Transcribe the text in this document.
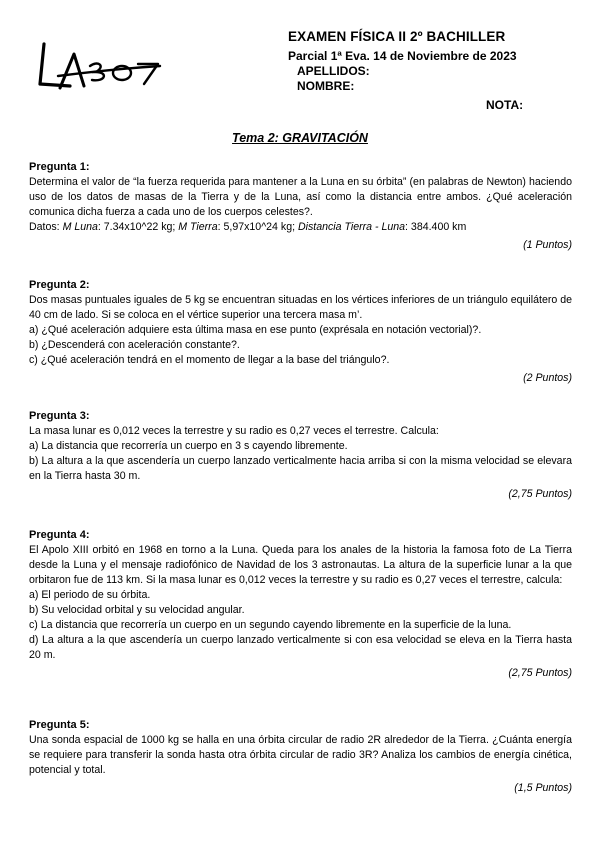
EXAMEN FÍSICA II 2º BACHILLER
Parcial 1ª Eva. 14 de Noviembre de 2023
APELLIDOS:
NOMBRE:
NOTA:
Tema 2: GRAVITACIÓN
Pregunta 1:

Determina el valor de “la fuerza requerida para mantener a la Luna en su órbita” (en palabras de Newton) haciendo uso de los datos de masas de la Tierra y de la Luna, así como la distancia entre ambos. ¿Qué aceleración comunica dicha fuerza a cada uno de los cuerpos celestes?.

Datos: M Luna: 7.34x10^22 kg; M Tierra: 5,97x10^24 kg; Distancia Tierra - Luna: 384.400 km
(1 Puntos)
Pregunta 2:

Dos masas puntuales iguales de 5 kg se encuentran situadas en los vértices inferiores de un triángulo equilátero de 40 cm de lado. Si se coloca en el vértice superior una tercera masa m’.

a) ¿Qué aceleración adquiere esta última masa en ese punto (exprésala en notación vectorial)?.

b) ¿Descenderá con aceleración constante?.

c) ¿Qué aceleración tendrá en el momento de llegar a la base del triángulo?.

(2 Puntos)
Pregunta 3:

La masa lunar es 0,012 veces la terrestre y su radio es 0,27 veces el terrestre. Calcula:

a) La distancia que recorrería un cuerpo en 3 s cayendo libremente.

b) La altura a la que ascendería un cuerpo lanzado verticalmente hacia arriba si con la misma velocidad se elevara en la Tierra hasta 30 m.

(2,75 Puntos)
Pregunta 4:

El Apolo XIII orbitó en 1968 en torno a la Luna. Queda para los anales de la historia la famosa foto de La Tierra desde la Luna y el mensaje radiofónico de Navidad de los 3 astronautas. La altura de la superficie lunar a la que orbitaron fue de 113 km. Si la masa lunar es 0,012 veces la terrestre y su radio es 0,27 veces el terrestre, calcula:

a) El periodo de su órbita.

b) Su velocidad orbital y su velocidad angular.

c) La distancia que recorrería un cuerpo en un segundo cayendo libremente en la superficie de la luna.

d) La altura a la que ascendería un cuerpo lanzado verticalmente si con esa velocidad se eleva en la Tierra hasta 20 m.

(2,75 Puntos)
Pregunta 5:

Una sonda espacial de 1000 kg se halla en una órbita circular de radio 2R alrededor de la Tierra. ¿Cuánta energía se requiere para transferir la sonda hasta otra órbita circular de radio 3R? Analiza los cambios de energía cinética, potencial y total.

(1,5 Puntos)
